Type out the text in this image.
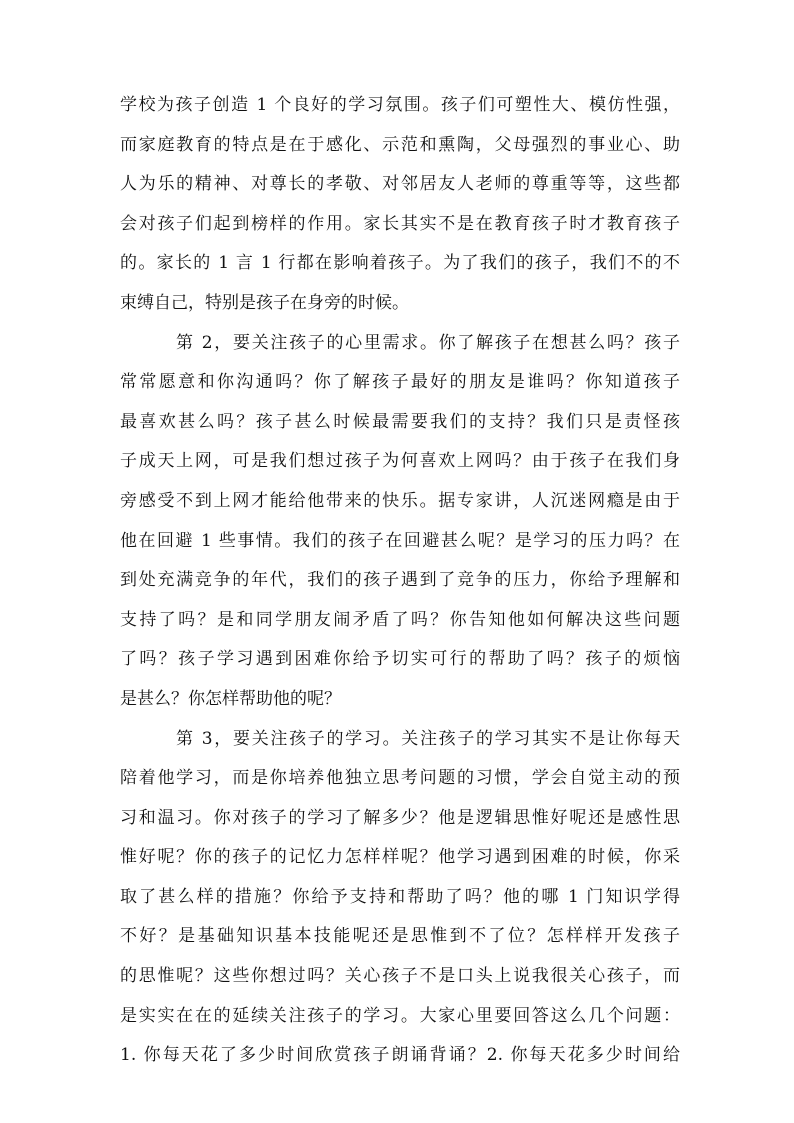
学校为孩子创造 1 个良好的学习氛围。孩子们可塑性大、模仿性强，
而家庭教育的特点是在于感化、示范和熏陶，父母强烈的事业心、助
人为乐的精神、对尊长的孝敬、对邻居友人老师的尊重等等，这些都
会对孩子们起到榜样的作用。家长其实不是在教育孩子时才教育孩子
的。家长的 1 言 1 行都在影响着孩子。为了我们的孩子，我们不的不
束缚自己，特别是孩子在身旁的时候。
第 2，要关注孩子的心里需求。你了解孩子在想甚么吗？孩子
常常愿意和你沟通吗？你了解孩子最好的朋友是谁吗？你知道孩子
最喜欢甚么吗？孩子甚么时候最需要我们的支持？我们只是责怪孩
子成天上网，可是我们想过孩子为何喜欢上网吗？由于孩子在我们身
旁感受不到上网才能给他带来的快乐。据专家讲，人沉迷网瘾是由于
他在回避 1 些事情。我们的孩子在回避甚么呢？是学习的压力吗？在
到处充满竞争的年代，我们的孩子遇到了竞争的压力，你给予理解和
支持了吗？是和同学朋友闹矛盾了吗？你告知他如何解决这些问题
了吗？孩子学习遇到困难你给予切实可行的帮助了吗？孩子的烦恼
是甚么？你怎样帮助他的呢？
第 3，要关注孩子的学习。关注孩子的学习其实不是让你每天
陪着他学习，而是你培养他独立思考问题的习惯，学会自觉主动的预
习和温习。你对孩子的学习了解多少？他是逻辑思惟好呢还是感性思
惟好呢？你的孩子的记忆力怎样样呢？他学习遇到困难的时候，你采
取了甚么样的措施？你给予支持和帮助了吗？他的哪 1 门知识学得
不好？是基础知识基本技能呢还是思惟到不了位？怎样样开发孩子
的思惟呢？这些你想过吗？关心孩子不是口头上说我很关心孩子，而
是实实在在的延续关注孩子的学习。大家心里要回答这么几个问题：
1. 你每天花了多少时间欣赏孩子朗诵背诵？2. 你每天花多少时间给
